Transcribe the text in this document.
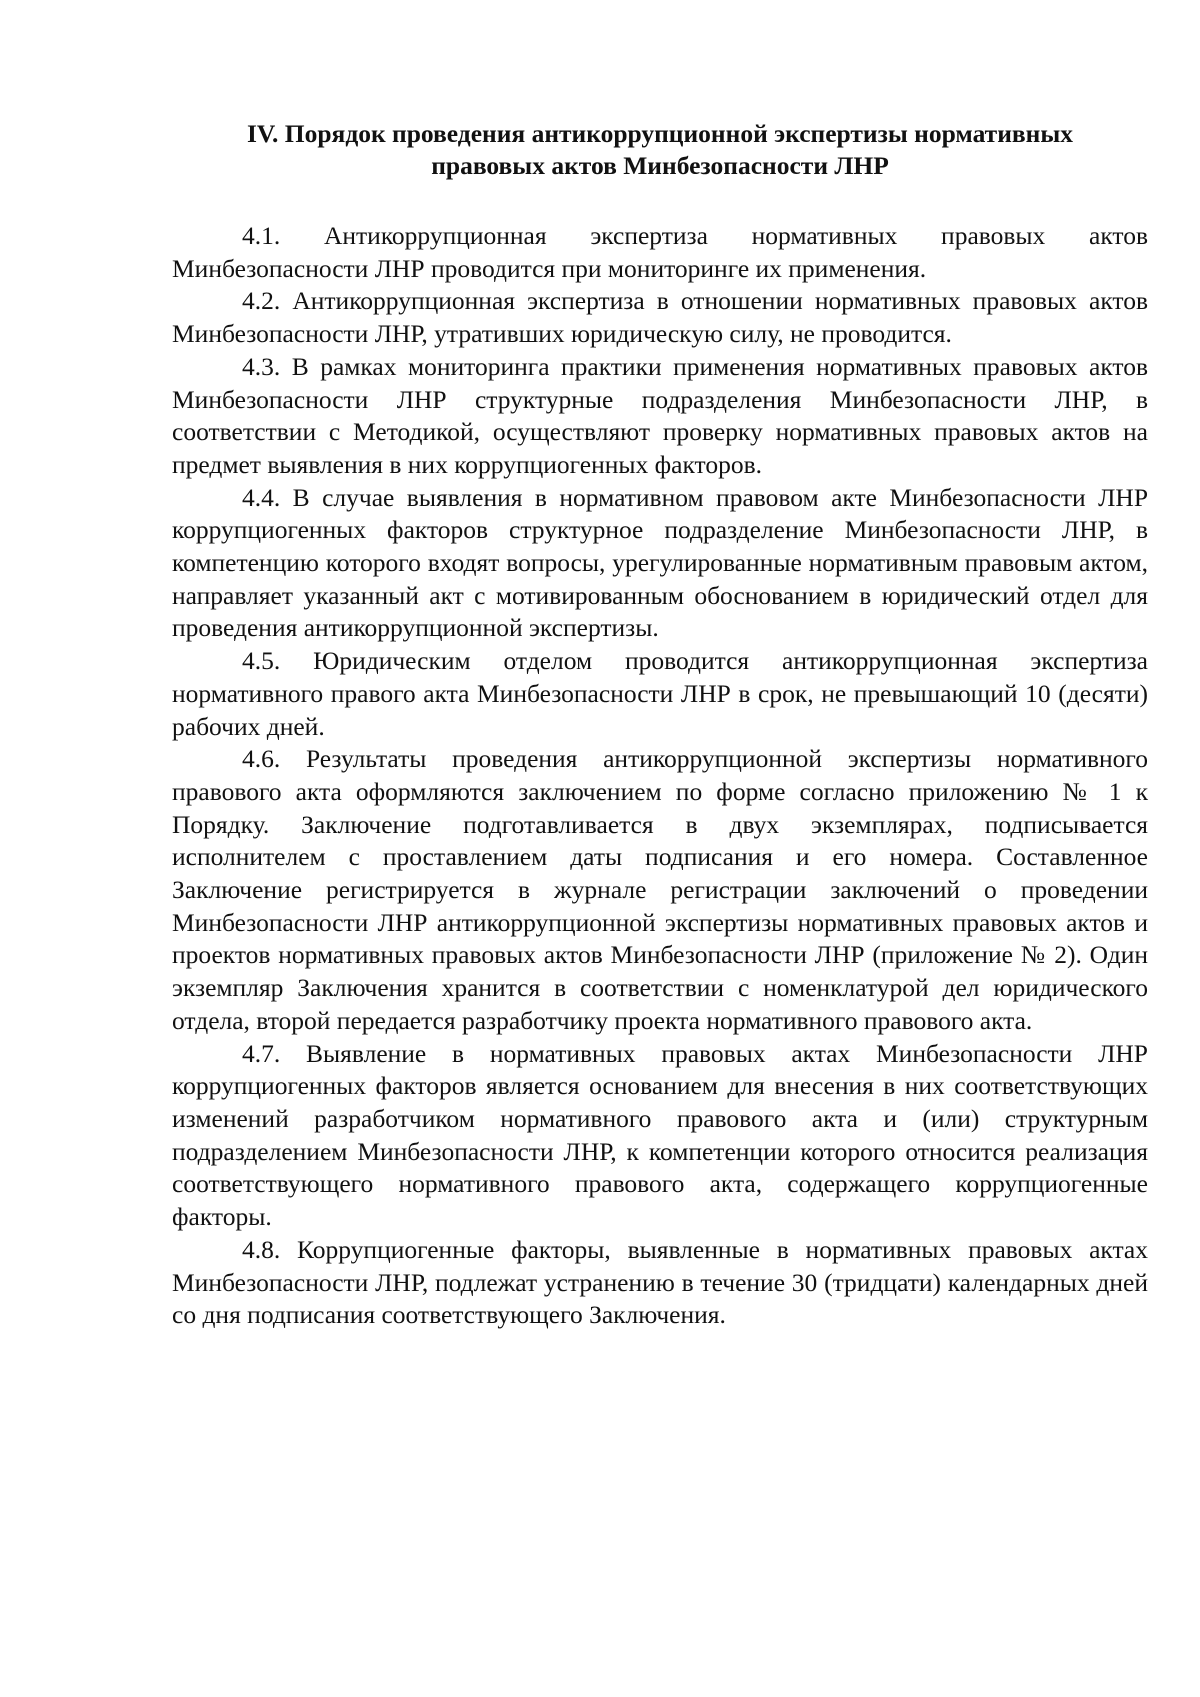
IV. Порядок проведения антикоррупционной экспертизы нормативных
правовых актов Минбезопасности ЛНР

4.1. Антикоррупционная экспертиза нормативных правовых актов Минбезопасности ЛНР проводится при мониторинге их применения.

4.2. Антикоррупционная экспертиза в отношении нормативных правовых актов Минбезопасности ЛНР, утративших юридическую силу, не проводится.

4.3. В рамках мониторинга практики применения нормативных правовых актов Минбезопасности ЛНР структурные подразделения Минбезопасности ЛНР, в соответствии с Методикой, осуществляют проверку нормативных правовых актов на предмет выявления в них коррупциогенных факторов.

4.4. В случае выявления в нормативном правовом акте Минбезопасности ЛНР коррупциогенных факторов структурное подразделение Минбезопасности ЛНР, в компетенцию которого входят вопросы, урегулированные нормативным правовым актом, направляет указанный акт с мотивированным обоснованием в юридический отдел для проведения антикоррупционной экспертизы.

4.5. Юридическим отделом проводится антикоррупционная экспертиза нормативного правого акта Минбезопасности ЛНР в срок, не превышающий 10 (десяти) рабочих дней.

4.6. Результаты проведения антикоррупционной экспертизы нормативного правового акта оформляются заключением по форме согласно приложению № 1 к Порядку. Заключение подготавливается в двух экземплярах, подписывается исполнителем с проставлением даты подписания и его номера. Составленное Заключение регистрируется в журнале регистрации заключений о проведении Минбезопасности ЛНР антикоррупционной экспертизы нормативных правовых актов и проектов нормативных правовых актов Минбезопасности ЛНР (приложение № 2). Один экземпляр Заключения хранится в соответствии с номенклатурой дел юридического отдела, второй передается разработчику проекта нормативного правового акта.

4.7. Выявление в нормативных правовых актах Минбезопасности ЛНР коррупциогенных факторов является основанием для внесения в них соответствующих изменений разработчиком нормативного правового акта и (или) структурным подразделением Минбезопасности ЛНР, к компетенции которого относится реализация соответствующего нормативного правового акта, содержащего коррупциогенные факторы.

4.8. Коррупциогенные факторы, выявленные в нормативных правовых актах Минбезопасности ЛНР, подлежат устранению в течение 30 (тридцати) календарных дней со дня подписания соответствующего Заключения.
